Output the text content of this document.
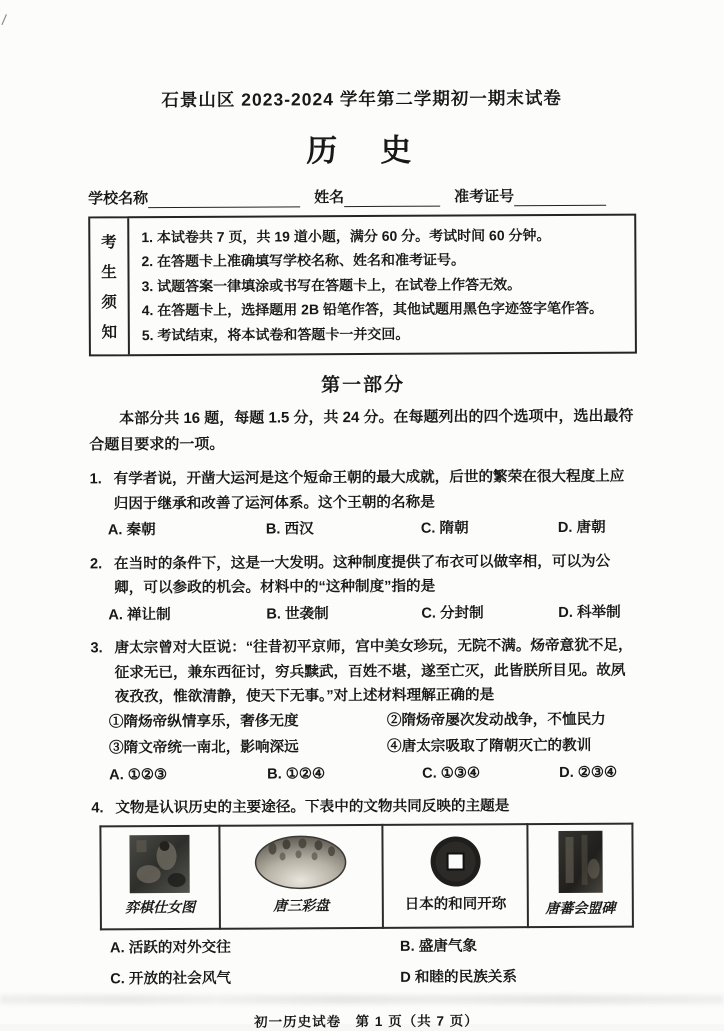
/
石景山区 2023-2024 学年第二学期初一期末试卷
历　史
学校名称	姓名	准考证号
考
生
须
知
1. 本试卷共 7 页，共 19 道小题，满分 60 分。考试时间 60 分钟。
2. 在答题卡上准确填写学校名称、姓名和准考证号。
3. 试题答案一律填涂或书写在答题卡上，在试卷上作答无效。
4. 在答题卡上，选择题用 2B 铅笔作答，其他试题用黑色字迹签字笔作答。
5. 考试结束，将本试卷和答题卡一并交回。
第一部分
本部分共 16 题，每题 1.5 分，共 24 分。在每题列出的四个选项中，选出最符合题目要求的一项。
1. 有学者说，开凿大运河是这个短命王朝的最大成就，后世的繁荣在很大程度上应归因于继承和改善了运河体系。这个王朝的名称是
A. 秦朝	B. 西汉	C. 隋朝	D. 唐朝
2. 在当时的条件下，这是一大发明。这种制度提供了布衣可以做宰相，可以为公卿，可以参政的机会。材料中的“这种制度”指的是
A. 禅让制	B. 世袭制	C. 分封制	D. 科举制
3. 唐太宗曾对大臣说：“往昔初平京师，宫中美女珍玩，无院不满。炀帝意犹不足，征求无已，兼东西征讨，穷兵黩武，百姓不堪，遂至亡灭，此皆朕所目见。故夙夜孜孜，惟欲清静，使天下无事。”对上述材料理解正确的是
①隋炀帝纵情享乐，奢侈无度	②隋炀帝屡次发动战争，不恤民力
③隋文帝统一南北，影响深远	④唐太宗吸取了隋朝灭亡的教训
A. ①②③	B. ①②④	C. ①③④	D. ②③④
4. 文物是认识历史的主要途径。下表中的文物共同反映的主题是
弈棋仕女图	唐三彩盘	日本的和同开珎	唐蕃会盟碑
A. 活跃的对外交往	B. 盛唐气象
C. 开放的社会风气	D 和睦的民族关系
初一历史试卷　第 1 页（共 7 页）
